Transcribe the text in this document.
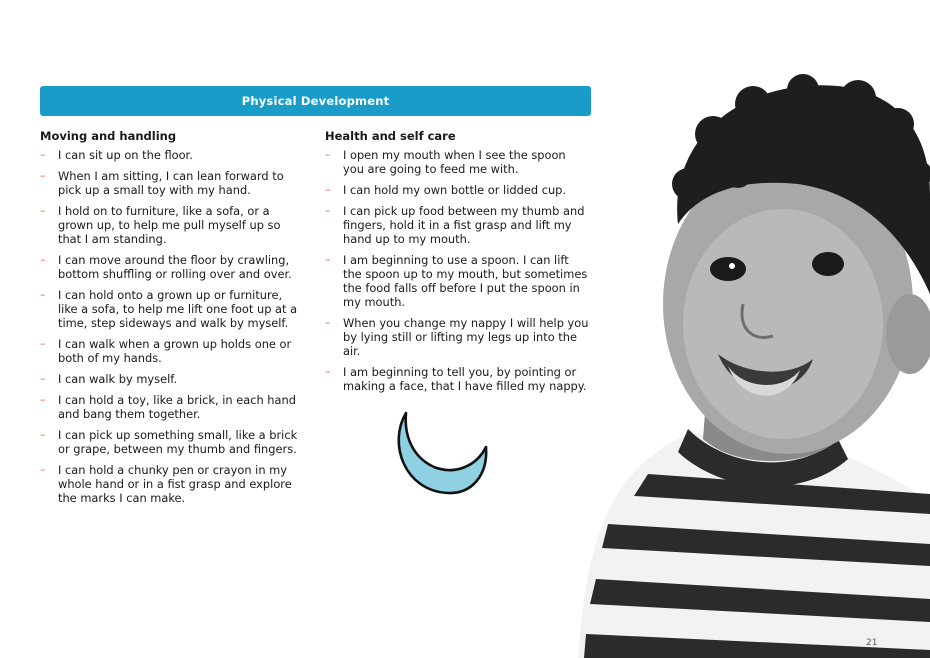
Physical Development
Moving and handling
– I can sit up on the floor.
– When I am sitting, I can lean forward to pick up a small toy with my hand.
– I hold on to furniture, like a sofa, or a grown up, to help me pull myself up so that I am standing.
– I can move around the floor by crawling, bottom shuffling or rolling over and over.
– I can hold onto a grown up or furniture, like a sofa, to help me lift one foot up at a time, step sideways and walk by myself.
– I can walk when a grown up holds one or both of my hands.
– I can walk by myself.
– I can hold a toy, like a brick, in each hand and bang them together.
– I can pick up something small, like a brick or grape, between my thumb and fingers.
– I can hold a chunky pen or crayon in my whole hand or in a fist grasp and explore the marks I can make.
Health and self care
– I open my mouth when I see the spoon you are going to feed me with.
– I can hold my own bottle or lidded cup.
– I can pick up food between my thumb and fingers, hold it in a fist grasp and lift my hand up to my mouth.
– I am beginning to use a spoon. I can lift the spoon up to my mouth, but sometimes the food falls off before I put the spoon in my mouth.
– When you change my nappy I will help you by lying still or lifting my legs up into the air.
– I am beginning to tell you, by pointing or making a face, that I have filled my nappy.
21
